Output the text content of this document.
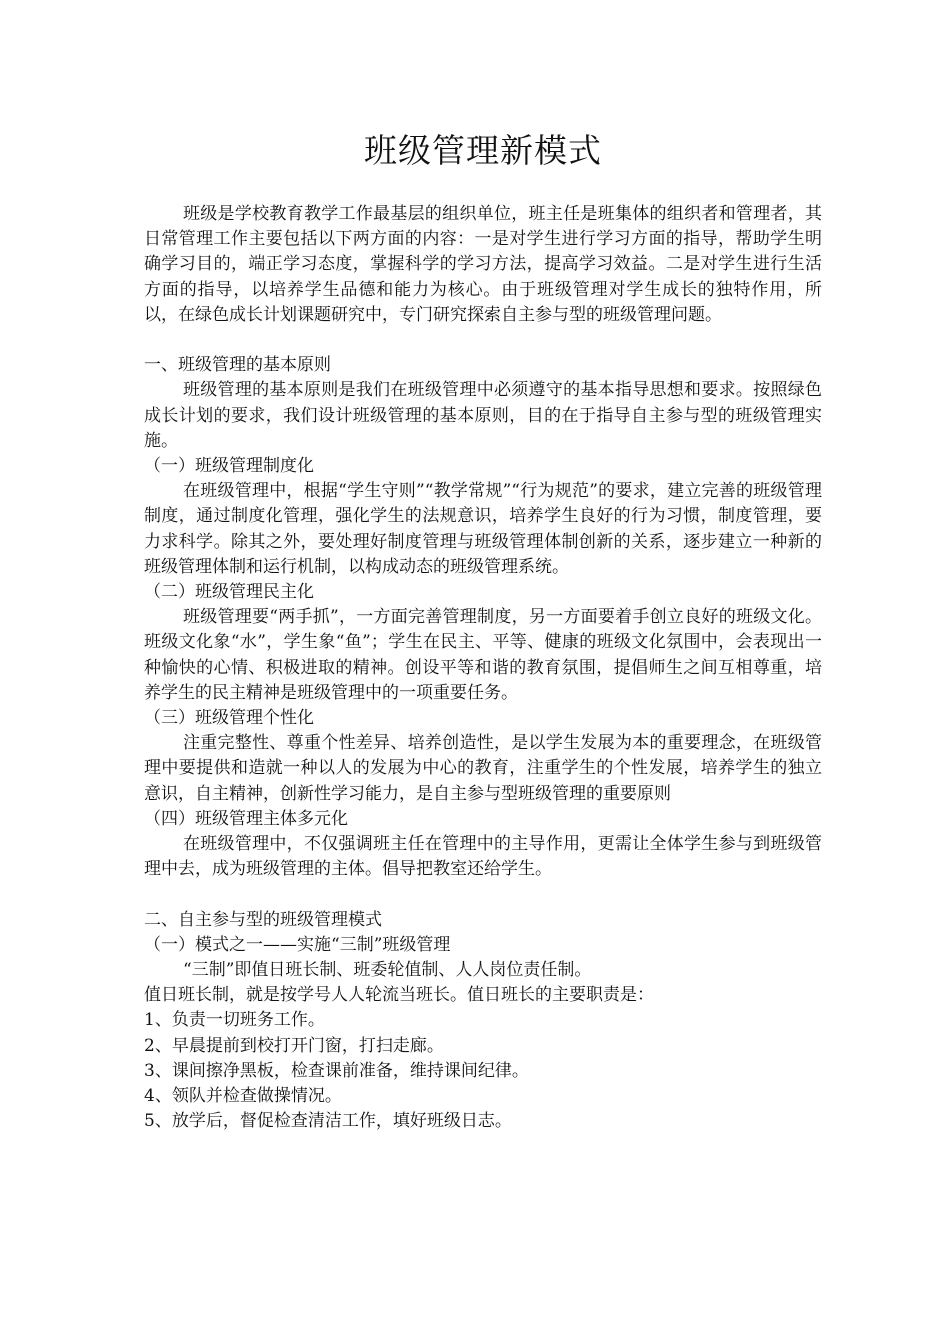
班级管理新模式

班级是学校教育教学工作最基层的组织单位，班主任是班集体的组织者和管理者，其日常管理工作主要包括以下两方面的内容：一是对学生进行学习方面的指导，帮助学生明确学习目的，端正学习态度，掌握科学的学习方法，提高学习效益。二是对学生进行生活方面的指导，以培养学生品德和能力为核心。由于班级管理对学生成长的独特作用，所以，在绿色成长计划课题研究中，专门研究探索自主参与型的班级管理问题。

一、班级管理的基本原则

班级管理的基本原则是我们在班级管理中必须遵守的基本指导思想和要求。按照绿色成长计划的要求，我们设计班级管理的基本原则，目的在于指导自主参与型的班级管理实施。

（一）班级管理制度化

在班级管理中，根据“学生守则”“教学常规”“行为规范”的要求，建立完善的班级管理制度，通过制度化管理，强化学生的法规意识，培养学生良好的行为习惯，制度管理，要力求科学。除其之外，要处理好制度管理与班级管理体制创新的关系，逐步建立一种新的班级管理体制和运行机制，以构成动态的班级管理系统。

（二）班级管理民主化

班级管理要“两手抓”，一方面完善管理制度，另一方面要着手创立良好的班级文化。班级文化象“水”，学生象“鱼”；学生在民主、平等、健康的班级文化氛围中，会表现出一种愉快的心情、积极进取的精神。创设平等和谐的教育氛围，提倡师生之间互相尊重，培养学生的民主精神是班级管理中的一项重要任务。

（三）班级管理个性化

注重完整性、尊重个性差异、培养创造性，是以学生发展为本的重要理念，在班级管理中要提供和造就一种以人的发展为中心的教育，注重学生的个性发展，培养学生的独立意识，自主精神，创新性学习能力，是自主参与型班级管理的重要原则

（四）班级管理主体多元化

在班级管理中，不仅强调班主任在管理中的主导作用，更需让全体学生参与到班级管理中去，成为班级管理的主体。倡导把教室还给学生。

二、自主参与型的班级管理模式

（一）模式之一——实施“三制”班级管理

“三制”即值日班长制、班委轮值制、人人岗位责任制。

值日班长制，就是按学号人人轮流当班长。值日班长的主要职责是：

1、负责一切班务工作。

2、早晨提前到校打开门窗，打扫走廊。

3、课间擦净黑板，检查课前准备，维持课间纪律。

4、领队并检查做操情况。

5、放学后，督促检查清洁工作，填好班级日志。
